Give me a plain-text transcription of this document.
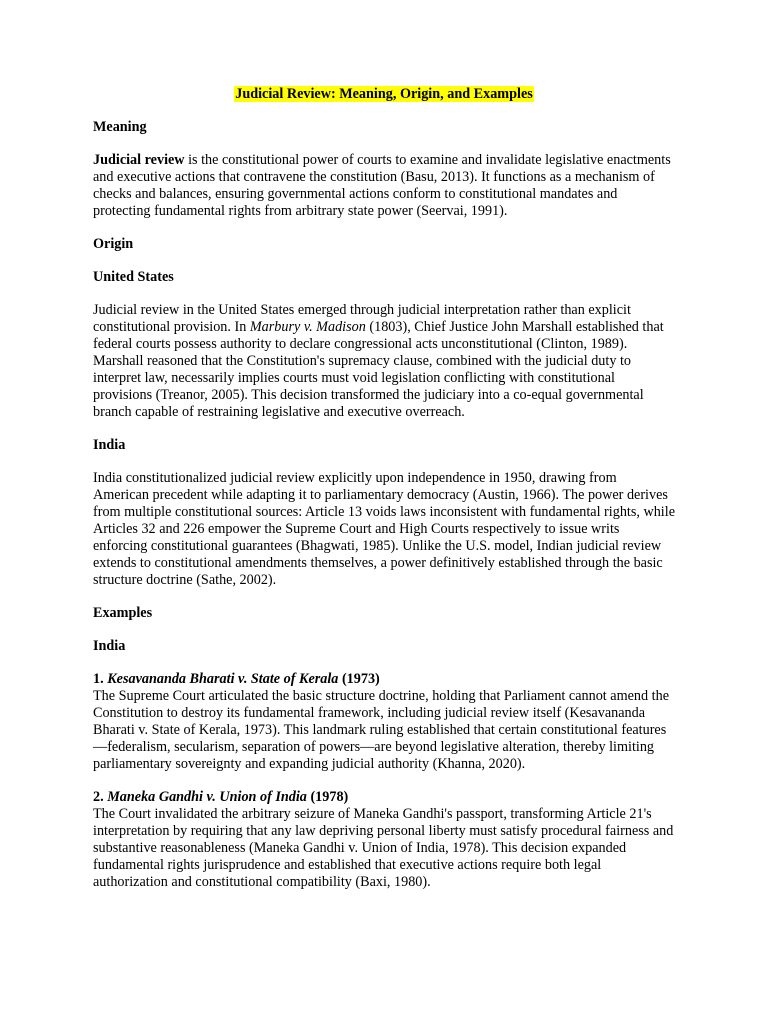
Judicial Review: Meaning, Origin, and Examples
Meaning
Judicial review is the constitutional power of courts to examine and invalidate legislative enactments and executive actions that contravene the constitution (Basu, 2013). It functions as a mechanism of checks and balances, ensuring governmental actions conform to constitutional mandates and protecting fundamental rights from arbitrary state power (Seervai, 1991).
Origin
United States
Judicial review in the United States emerged through judicial interpretation rather than explicit constitutional provision. In Marbury v. Madison (1803), Chief Justice John Marshall established that federal courts possess authority to declare congressional acts unconstitutional (Clinton, 1989). Marshall reasoned that the Constitution's supremacy clause, combined with the judicial duty to interpret law, necessarily implies courts must void legislation conflicting with constitutional provisions (Treanor, 2005). This decision transformed the judiciary into a co-equal governmental branch capable of restraining legislative and executive overreach.
India
India constitutionalized judicial review explicitly upon independence in 1950, drawing from American precedent while adapting it to parliamentary democracy (Austin, 1966). The power derives from multiple constitutional sources: Article 13 voids laws inconsistent with fundamental rights, while Articles 32 and 226 empower the Supreme Court and High Courts respectively to issue writs enforcing constitutional guarantees (Bhagwati, 1985). Unlike the U.S. model, Indian judicial review extends to constitutional amendments themselves, a power definitively established through the basic structure doctrine (Sathe, 2002).
Examples
India
1. Kesavananda Bharati v. State of Kerala (1973)
The Supreme Court articulated the basic structure doctrine, holding that Parliament cannot amend the Constitution to destroy its fundamental framework, including judicial review itself (Kesavananda Bharati v. State of Kerala, 1973). This landmark ruling established that certain constitutional features—federalism, secularism, separation of powers—are beyond legislative alteration, thereby limiting parliamentary sovereignty and expanding judicial authority (Khanna, 2020).
2. Maneka Gandhi v. Union of India (1978)
The Court invalidated the arbitrary seizure of Maneka Gandhi's passport, transforming Article 21's interpretation by requiring that any law depriving personal liberty must satisfy procedural fairness and substantive reasonableness (Maneka Gandhi v. Union of India, 1978). This decision expanded fundamental rights jurisprudence and established that executive actions require both legal authorization and constitutional compatibility (Baxi, 1980).
